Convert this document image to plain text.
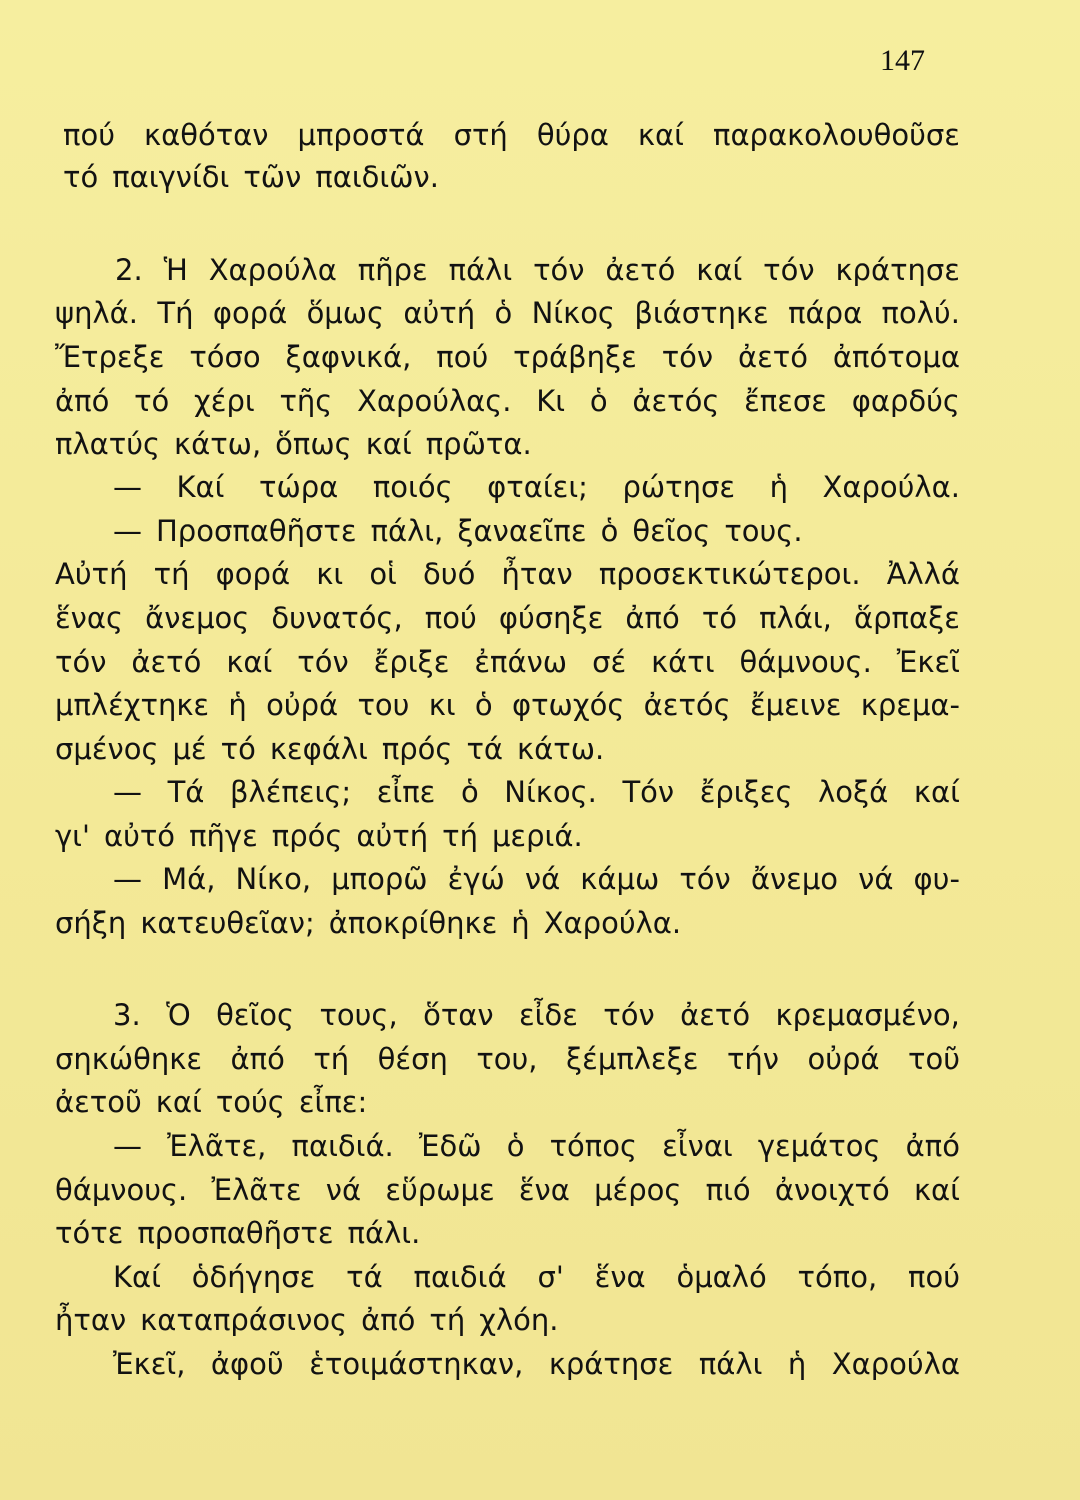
147
πού καθόταν μπροστά στή θύρα καί παρακολουθοῦσε
τό παιγνίδι τῶν παιδιῶν.
2. Ἡ Χαρούλα πῆρε πάλι τόν ἀετό καί τόν κράτησε
ψηλά. Τή φορά ὅμως αὐτή ὁ Νίκος βιάστηκε πάρα πολύ.
Ἔτρεξε τόσο ξαφνικά, πού τράβηξε τόν ἀετό ἀπότομα
ἀπό τό χέρι τῆς Χαρούλας. Κι ὁ ἀετός ἔπεσε φαρδύς
πλατύς κάτω, ὅπως καί πρῶτα.
— Καί τώρα ποιός φταίει; ρώτησε ἡ Χαρούλα.
— Προσπαθῆστε πάλι, ξαναεῖπε ὁ θεῖος τους.
Αὐτή τή φορά κι οἱ δυό ἦταν προσεκτικώτεροι. Ἀλλά
ἕνας ἄνεμος δυνατός, πού φύσηξε ἀπό τό πλάι, ἅρπαξε
τόν ἀετό καί τόν ἔριξε ἐπάνω σέ κάτι θάμνους. Ἐκεῖ
μπλέχτηκε ἡ οὐρά του κι ὁ φτωχός ἀετός ἔμεινε κρεμα-
σμένος μέ τό κεφάλι πρός τά κάτω.
— Τά βλέπεις; εἶπε ὁ Νίκος. Τόν ἔριξες λοξά καί
γι' αὐτό πῆγε πρός αὐτή τή μεριά.
— Μά, Νίκο, μπορῶ ἐγώ νά κάμω τόν ἄνεμο νά φυ-
σήξη κατευθεῖαν; ἀποκρίθηκε ἡ Χαρούλα.
3. Ὁ θεῖος τους, ὅταν εἶδε τόν ἀετό κρεμασμένο,
σηκώθηκε ἀπό τή θέση του, ξέμπλεξε τήν οὐρά τοῦ
ἀετοῦ καί τούς εἶπε:
— Ἐλᾶτε, παιδιά. Ἐδῶ ὁ τόπος εἶναι γεμάτος ἀπό
θάμνους. Ἐλᾶτε νά εὕρωμε ἕνα μέρος πιό ἀνοιχτό καί
τότε προσπαθῆστε πάλι.
Καί ὁδήγησε τά παιδιά σ' ἕνα ὁμαλό τόπο, πού
ἦταν καταπράσινος ἀπό τή χλόη.
Ἐκεῖ, ἀφοῦ ἑτοιμάστηκαν, κράτησε πάλι ἡ Χαρούλα
